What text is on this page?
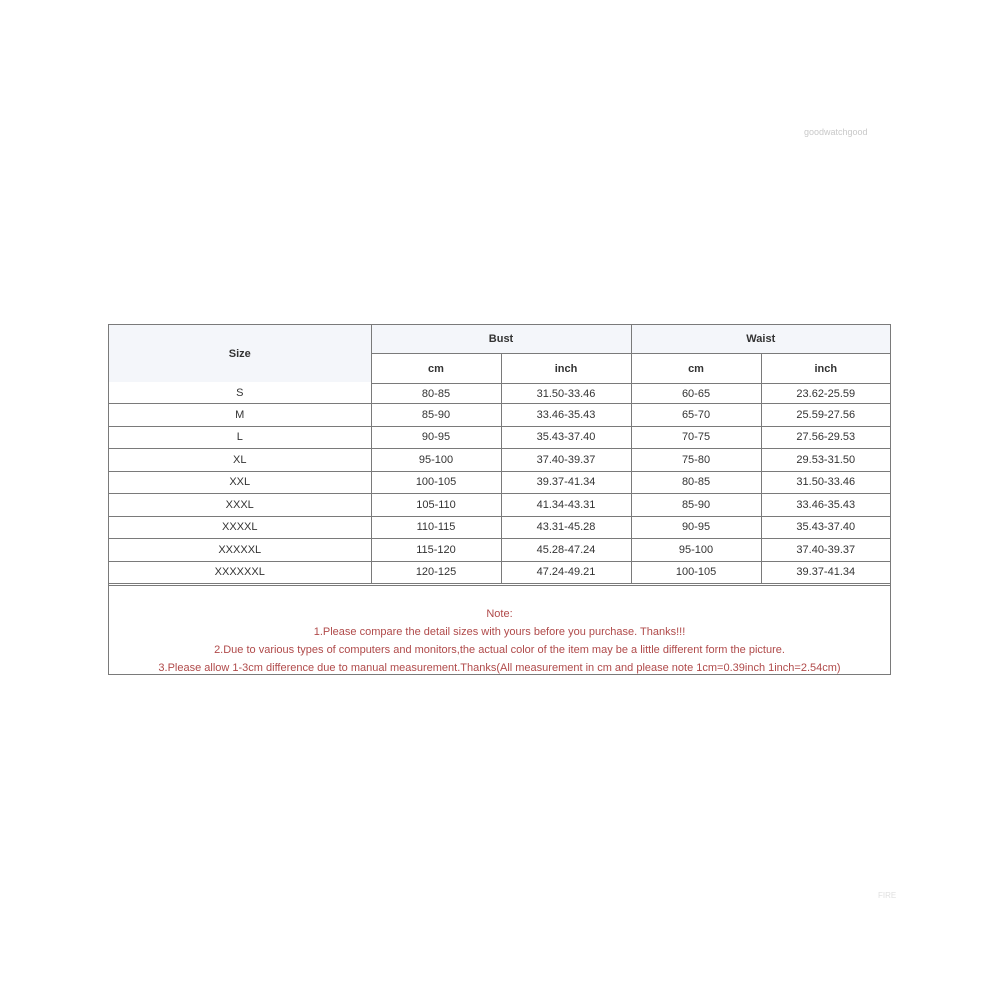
goodwatchgood
Size	Bust		Waist	
	cm	inch	cm	inch
S	80-85	31.50-33.46	60-65	23.62-25.59
M	85-90	33.46-35.43	65-70	25.59-27.56
L	90-95	35.43-37.40	70-75	27.56-29.53
XL	95-100	37.40-39.37	75-80	29.53-31.50
XXL	100-105	39.37-41.34	80-85	31.50-33.46
XXXL	105-110	41.34-43.31	85-90	33.46-35.43
XXXXL	110-115	43.31-45.28	90-95	35.43-37.40
XXXXXL	115-120	45.28-47.24	95-100	37.40-39.37
XXXXXXL	120-125	47.24-49.21	100-105	39.37-41.34
Note:
1.Please compare the detail sizes with yours before you purchase. Thanks!!!
2.Due to various types of computers and monitors,the actual color of the item may be a little different form the picture.
3.Please allow 1-3cm difference due to manual measurement.Thanks(All measurement in cm and please note 1cm=0.39inch 1inch=2.54cm)
FIRE
